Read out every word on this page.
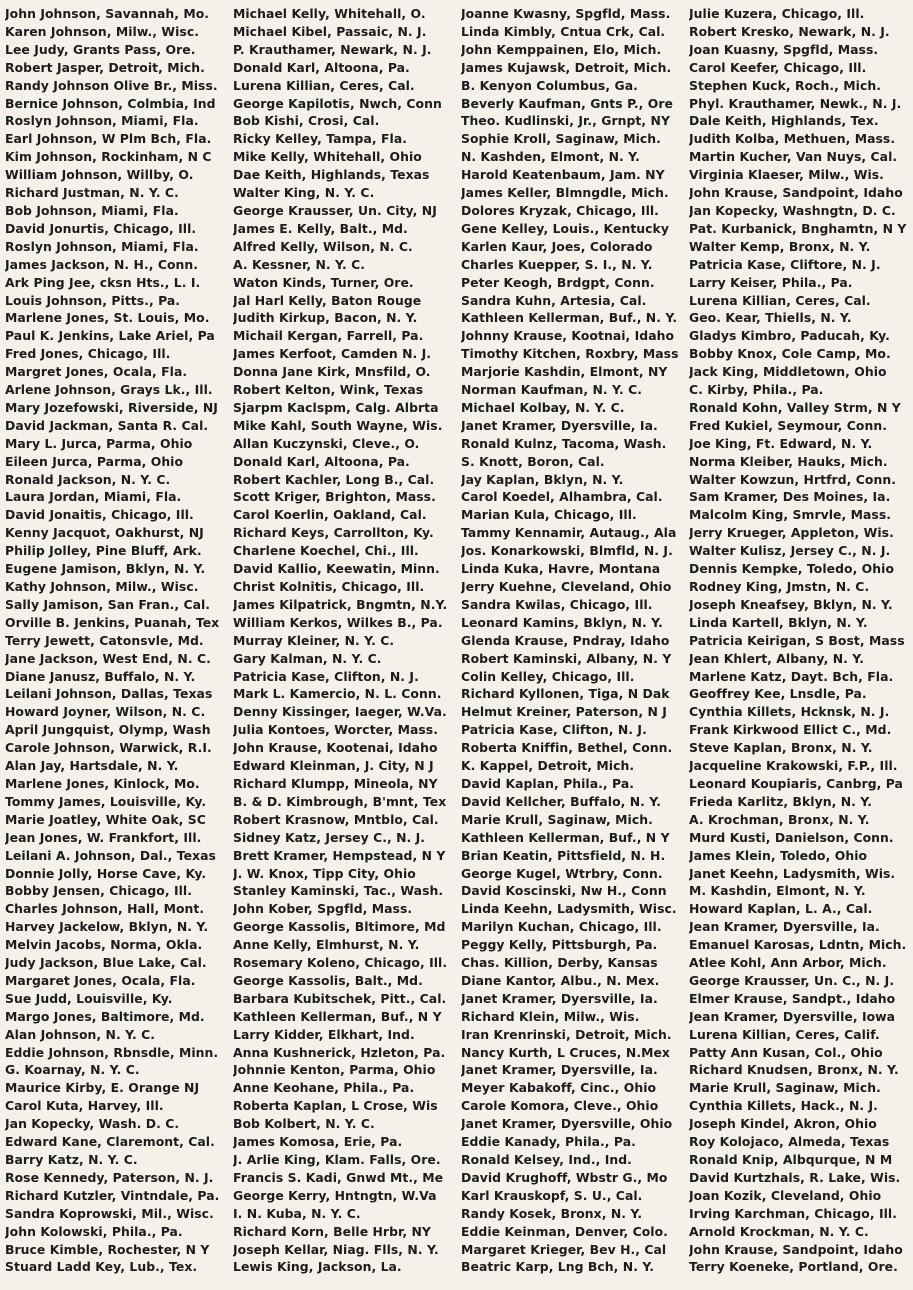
John Johnson, Savannah, Mo.
Karen Johnson, Milw., Wisc.
Lee Judy, Grants Pass, Ore.
Robert Jasper, Detroit, Mich.
Randy Johnson Olive Br., Miss.
Bernice Johnson, Colmbia, Ind
Roslyn Johnson, Miami, Fla.
Earl Johnson, W Plm Bch, Fla.
Kim Johnson, Rockinham, N C
William Johnson, Willby, O.
Richard Justman, N. Y. C.
Bob Johnson, Miami, Fla.
David Jonurtis, Chicago, Ill.
Roslyn Johnson, Miami, Fla.
James Jackson, N. H., Conn.
Ark Ping Jee, cksn Hts., L. I.
Louis Johnson, Pitts., Pa.
Marlene Jones, St. Louis, Mo.
Paul K. Jenkins, Lake Ariel, Pa
Fred Jones, Chicago, Ill.
Margret Jones, Ocala, Fla.
Arlene Johnson, Grays Lk., Ill.
Mary Jozefowski, Riverside, NJ
David Jackman, Santa R. Cal.
Mary L. Jurca, Parma, Ohio
Eileen Jurca, Parma, Ohio
Ronald Jackson, N. Y. C.
Laura Jordan, Miami, Fla.
David Jonaitis, Chicago, Ill.
Kenny Jacquot, Oakhurst, NJ
Philip Jolley, Pine Bluff, Ark.
Eugene Jamison, Bklyn, N. Y.
Kathy Johnson, Milw., Wisc.
Sally Jamison, San Fran., Cal.
Orville B. Jenkins, Puanah, Tex
Terry Jewett, Catonsvle, Md.
Jane Jackson, West End, N. C.
Diane Janusz, Buffalo, N. Y.
Leilani Johnson, Dallas, Texas
Howard Joyner, Wilson, N. C.
April Jungquist, Olymp, Wash
Carole Johnson, Warwick, R.I.
Alan Jay, Hartsdale, N. Y.
Marlene Jones, Kinlock, Mo.
Tommy James, Louisville, Ky.
Marie Joatley, White Oak, SC
Jean Jones, W. Frankfort, Ill.
Leilani A. Johnson, Dal., Texas
Donnie Jolly, Horse Cave, Ky.
Bobby Jensen, Chicago, Ill.
Charles Johnson, Hall, Mont.
Harvey Jackelow, Bklyn, N. Y.
Melvin Jacobs, Norma, Okla.
Judy Jackson, Blue Lake, Cal.
Margaret Jones, Ocala, Fla.
Sue Judd, Louisville, Ky.
Margo Jones, Baltimore, Md.
Alan Johnson, N. Y. C.
Eddie Johnson, Rbnsdle, Minn.
G. Koarnay, N. Y. C.
Maurice Kirby, E. Orange NJ
Carol Kuta, Harvey, Ill.
Jan Kopecky, Wash. D. C.
Edward Kane, Claremont, Cal.
Barry Katz, N. Y. C.
Rose Kennedy, Paterson, N. J.
Richard Kutzler, Vintndale, Pa.
Sandra Koprowski, Mil., Wisc.
John Kolowski, Phila., Pa.
Bruce Kimble, Rochester, N Y
Stuard Ladd Key, Lub., Tex.
Michael Kelly, Whitehall, O.
Michael Kibel, Passaic, N. J.
P. Krauthamer, Newark, N. J.
Donald Karl, Altoona, Pa.
Lurena Killian, Ceres, Cal.
George Kapilotis, Nwch, Conn
Bob Kishi, Crosi, Cal.
Ricky Kelley, Tampa, Fla.
Mike Kelly, Whitehall, Ohio
Dae Keith, Highlands, Texas
Walter King, N. Y. C.
George Krausser, Un. City, NJ
James E. Kelly, Balt., Md.
Alfred Kelly, Wilson, N. C.
A. Kessner, N. Y. C.
Waton Kinds, Turner, Ore.
Jal Harl Kelly, Baton Rouge
Judith Kirkup, Bacon, N. Y.
Michail Kergan, Farrell, Pa.
James Kerfoot, Camden N. J.
Donna Jane Kirk, Mnsfild, O.
Robert Kelton, Wink, Texas
Sjarpm Kaclspm, Calg. Albrta
Mike Kahl, South Wayne, Wis.
Allan Kuczynski, Cleve., O.
Donald Karl, Altoona, Pa.
Robert Kachler, Long B., Cal.
Scott Kriger, Brighton, Mass.
Carol Koerlin, Oakland, Cal.
Richard Keys, Carrollton, Ky.
Charlene Koechel, Chi., Ill.
David Kallio, Keewatin, Minn.
Christ Kolnitis, Chicago, Ill.
James Kilpatrick, Bngmtn, N.Y.
William Kerkos, Wilkes B., Pa.
Murray Kleiner, N. Y. C.
Gary Kalman, N. Y. C.
Patricia Kase, Clifton, N. J.
Mark L. Kamercio, N. L. Conn.
Denny Kissinger, Iaeger, W.Va.
Julia Kontoes, Worcter, Mass.
John Krause, Kootenai, Idaho
Edward Kleinman, J. City, N J
Richard Klumpp, Mineola, NY
B. & D. Kimbrough, B'mnt, Tex
Robert Krasnow, Mntblo, Cal.
Sidney Katz, Jersey C., N. J.
Brett Kramer, Hempstead, N Y
J. W. Knox, Tipp City, Ohio
Stanley Kaminski, Tac., Wash.
John Kober, Spgfld, Mass.
George Kassolis, Bltimore, Md
Anne Kelly, Elmhurst, N. Y.
Rosemary Koleno, Chicago, Ill.
George Kassolis, Balt., Md.
Barbara Kubitschek, Pitt., Cal.
Kathleen Kellerman, Buf., N Y
Larry Kidder, Elkhart, Ind.
Anna Kushnerick, Hzleton, Pa.
Johnnie Kenton, Parma, Ohio
Anne Keohane, Phila., Pa.
Roberta Kaplan, L Crose, Wis
Bob Kolbert, N. Y. C.
James Komosa, Erie, Pa.
J. Arlie King, Klam. Falls, Ore.
Francis S. Kadi, Gnwd Mt., Me
George Kerry, Hntngtn, W.Va
I. N. Kuba, N. Y. C.
Richard Korn, Belle Hrbr, NY
Joseph Kellar, Niag. Flls, N. Y.
Lewis King, Jackson, La.
Joanne Kwasny, Spgfld, Mass.
Linda Kimbly, Cntua Crk, Cal.
John Kemppainen, Elo, Mich.
James Kujawsk, Detroit, Mich.
B. Kenyon Columbus, Ga.
Beverly Kaufman, Gnts P., Ore
Theo. Kudlinski, Jr., Grnpt, NY
Sophie Kroll, Saginaw, Mich.
N. Kashden, Elmont, N. Y.
Harold Keatenbaum, Jam. NY
James Keller, Blmngdle, Mich.
Dolores Kryzak, Chicago, Ill.
Gene Kelley, Louis., Kentucky
Karlen Kaur, Joes, Colorado
Charles Kuepper, S. I., N. Y.
Peter Keogh, Brdgpt, Conn.
Sandra Kuhn, Artesia, Cal.
Kathleen Kellerman, Buf., N. Y.
Johnny Krause, Kootnai, Idaho
Timothy Kitchen, Roxbry, Mass
Marjorie Kashdin, Elmont, NY
Norman Kaufman, N. Y. C.
Michael Kolbay, N. Y. C.
Janet Kramer, Dyersville, Ia.
Ronald Kulnz, Tacoma, Wash.
S. Knott, Boron, Cal.
Jay Kaplan, Bklyn, N. Y.
Carol Koedel, Alhambra, Cal.
Marian Kula, Chicago, Ill.
Tammy Kennamir, Autaug., Ala
Jos. Konarkowski, Blmfld, N. J.
Linda Kuka, Havre, Montana
Jerry Kuehne, Cleveland, Ohio
Sandra Kwilas, Chicago, Ill.
Leonard Kamins, Bklyn, N. Y.
Glenda Krause, Pndray, Idaho
Robert Kaminski, Albany, N. Y
Colin Kelley, Chicago, Ill.
Richard Kyllonen, Tiga, N Dak
Helmut Kreiner, Paterson, N J
Patricia Kase, Clifton, N. J.
Roberta Kniffin, Bethel, Conn.
K. Kappel, Detroit, Mich.
David Kaplan, Phila., Pa.
David Kellcher, Buffalo, N. Y.
Marie Krull, Saginaw, Mich.
Kathleen Kellerman, Buf., N Y
Brian Keatin, Pittsfield, N. H.
George Kugel, Wtrbry, Conn.
David Koscinski, Nw H., Conn
Linda Keehn, Ladysmith, Wisc.
Marilyn Kuchan, Chicago, Ill.
Peggy Kelly, Pittsburgh, Pa.
Chas. Killion, Derby, Kansas
Diane Kantor, Albu., N. Mex.
Janet Kramer, Dyersville, Ia.
Richard Klein, Milw., Wis.
Iran Krenrinski, Detroit, Mich.
Nancy Kurth, L Cruces, N.Mex
Janet Kramer, Dyersville, Ia.
Meyer Kabakoff, Cinc., Ohio
Carole Komora, Cleve., Ohio
Janet Kramer, Dyersville, Ohio
Eddie Kanady, Phila., Pa.
Ronald Kelsey, Ind., Ind.
David Krughoff, Wbstr G., Mo
Karl Krauskopf, S. U., Cal.
Randy Kosek, Bronx, N. Y.
Eddie Keinman, Denver, Colo.
Margaret Krieger, Bev H., Cal
Beatric Karp, Lng Bch, N. Y.
Julie Kuzera, Chicago, Ill.
Robert Kresko, Newark, N. J.
Joan Kuasny, Spgfld, Mass.
Carol Keefer, Chicago, Ill.
Stephen Kuck, Roch., Mich.
Phyl. Krauthamer, Newk., N. J.
Dale Keith, Highlands, Tex.
Judith Kolba, Methuen, Mass.
Martin Kucher, Van Nuys, Cal.
Virginia Klaeser, Milw., Wis.
John Krause, Sandpoint, Idaho
Jan Kopecky, Washngtn, D. C.
Pat. Kurbanick, Bnghamtn, N Y
Walter Kemp, Bronx, N. Y.
Patricia Kase, Cliftore, N. J.
Larry Keiser, Phila., Pa.
Lurena Killian, Ceres, Cal.
Geo. Kear, Thiells, N. Y.
Gladys Kimbro, Paducah, Ky.
Bobby Knox, Cole Camp, Mo.
Jack King, Middletown, Ohio
C. Kirby, Phila., Pa.
Ronald Kohn, Valley Strm, N Y
Fred Kukiel, Seymour, Conn.
Joe King, Ft. Edward, N. Y.
Norma Kleiber, Hauks, Mich.
Walter Kowzun, Hrtfrd, Conn.
Sam Kramer, Des Moines, Ia.
Malcolm King, Smrvle, Mass.
Jerry Krueger, Appleton, Wis.
Walter Kulisz, Jersey C., N. J.
Dennis Kempke, Toledo, Ohio
Rodney King, Jmstn, N. C.
Joseph Kneafsey, Bklyn, N. Y.
Linda Kartell, Bklyn, N. Y.
Patricia Keirigan, S Bost, Mass
Jean Khlert, Albany, N. Y.
Marlene Katz, Dayt. Bch, Fla.
Geoffrey Kee, Lnsdle, Pa.
Cynthia Killets, Hcknsk, N. J.
Frank Kirkwood Ellict C., Md.
Steve Kaplan, Bronx, N. Y.
Jacqueline Krakowski, F.P., Ill.
Leonard Koupiaris, Canbrg, Pa
Frieda Karlitz, Bklyn, N. Y.
A. Krochman, Bronx, N. Y.
Murd Kusti, Danielson, Conn.
James Klein, Toledo, Ohio
Janet Keehn, Ladysmith, Wis.
M. Kashdin, Elmont, N. Y.
Howard Kaplan, L. A., Cal.
Jean Kramer, Dyersville, Ia.
Emanuel Karosas, Ldntn, Mich.
Atlee Kohl, Ann Arbor, Mich.
George Krausser, Un. C., N. J.
Elmer Krause, Sandpt., Idaho
Jean Kramer, Dyersville, Iowa
Lurena Killian, Ceres, Calif.
Patty Ann Kusan, Col., Ohio
Richard Knudsen, Bronx, N. Y.
Marie Krull, Saginaw, Mich.
Cynthia Killets, Hack., N. J.
Joseph Kindel, Akron, Ohio
Roy Kolojaco, Almeda, Texas
Ronald Knip, Albqurque, N M
David Kurtzhals, R. Lake, Wis.
Joan Kozik, Cleveland, Ohio
Irving Karchman, Chicago, Ill.
Arnold Krockman, N. Y. C.
John Krause, Sandpoint, Idaho
Terry Koeneke, Portland, Ore.
